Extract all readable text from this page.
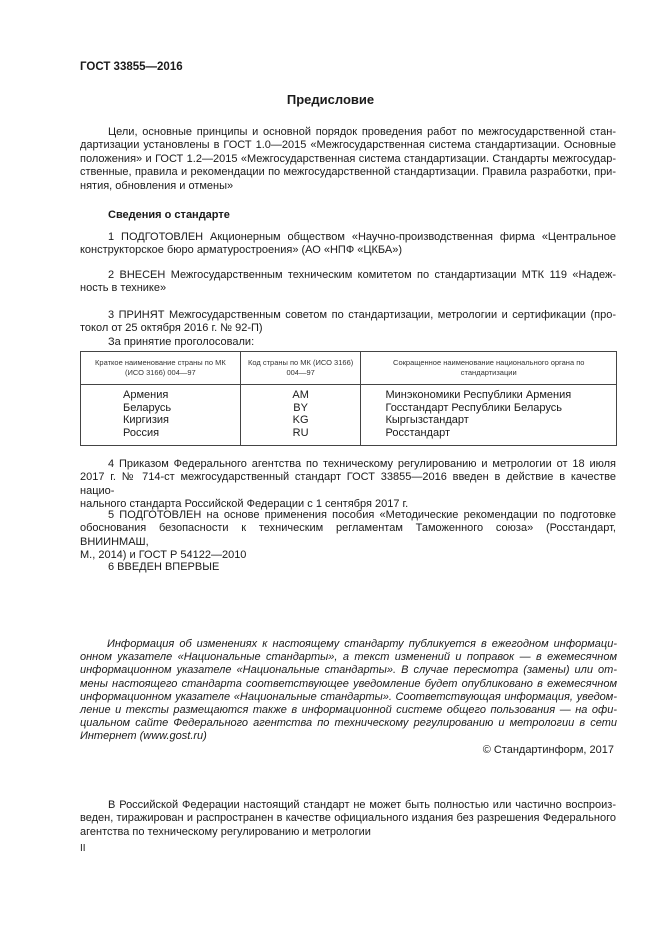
ГОСТ 33855—2016
Предисловие
Цели, основные принципы и основной порядок проведения работ по межгосударственной стан-
дартизации установлены в ГОСТ 1.0—2015 «Межгосударственная система стандартизации. Основные
положения» и ГОСТ 1.2—2015 «Межгосударственная система стандартизации. Стандарты межгосудар-
ственные, правила и рекомендации по межгосударственной стандартизации. Правила разработки, при-
нятия, обновления и отмены»
Сведения о стандарте
1 ПОДГОТОВЛЕН Акционерным обществом «Научно-производственная фирма «Центральное
конструкторское бюро арматуростроения» (АО «НПФ «ЦКБА»)
2 ВНЕСЕН Межгосударственным техническим комитетом по стандартизации МТК 119 «Надеж-
ность в технике»
3 ПРИНЯТ Межгосударственным советом по стандартизации, метрологии и сертификации (про-
токол от 25 октября 2016 г. № 92-П)
За принятие проголосовали:
Краткое наименование страны по МК (ИСО 3166) 004—97	Код страны по МК (ИСО 3166) 004—97	Сокращенное наименование национального органа по стандартизации
Армения	AM	Минэкономики Республики Армения
Беларусь	BY	Госстандарт Республики Беларусь
Киргизия	KG	Кыргызстандарт
Россия	RU	Росстандарт
4 Приказом Федерального агентства по техническому регулированию и метрологии от 18 июля
2017 г. № 714-ст межгосударственный стандарт ГОСТ 33855—2016 введен в действие в качестве нацио-
нального стандарта Российской Федерации с 1 сентября 2017 г.
5 ПОДГОТОВЛЕН на основе применения пособия «Методические рекомендации по подготовке
обоснования безопасности к техническим регламентам Таможенного союза» (Росстандарт, ВНИИНМАШ,
М., 2014) и ГОСТ Р 54122—2010
6 ВВЕДЕН ВПЕРВЫЕ
Информация об изменениях к настоящему стандарту публикуется в ежегодном информаци-
онном указателе «Национальные стандарты», а текст изменений и поправок — в ежемесячном
информационном указателе «Национальные стандарты». В случае пересмотра (замены) или от-
мены настоящего стандарта соответствующее уведомление будет опубликовано в ежемесячном
информационном указателе «Национальные стандарты». Соответствующая информация, уведом-
ление и тексты размещаются также в информационной системе общего пользования — на офи-
циальном сайте Федерального агентства по техническому регулированию и метрологии в сети
Интернет (www.gost.ru)
© Стандартинформ, 2017
В Российской Федерации настоящий стандарт не может быть полностью или частично воспроиз-
веден, тиражирован и распространен в качестве официального издания без разрешения Федерального
агентства по техническому регулированию и метрологии
II
